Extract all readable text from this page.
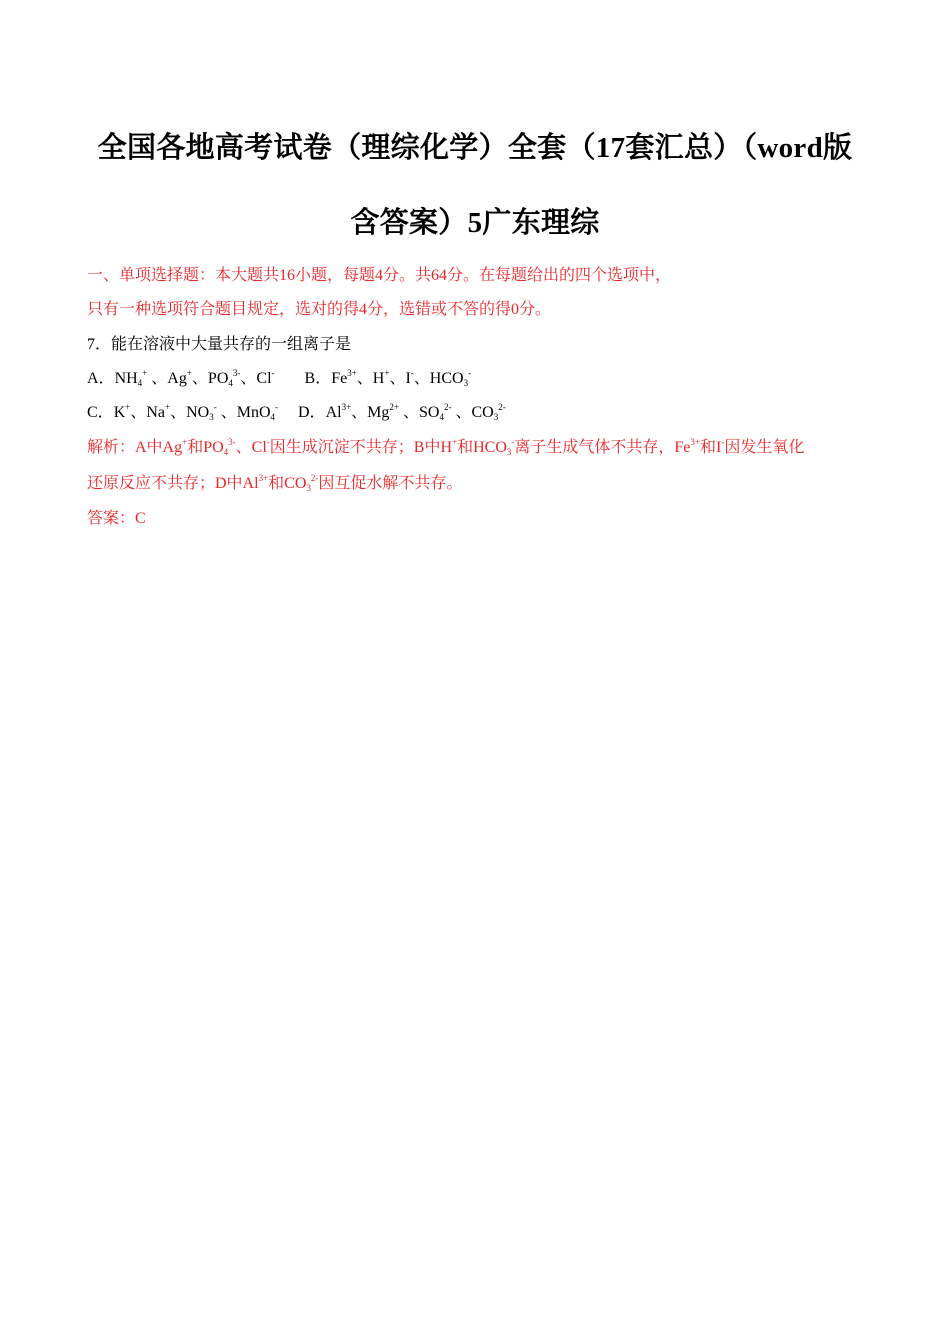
全国各地高考试卷（理综化学）全套（17套汇总）（word版
含答案）5广东理综
一、单项选择题：本大题共16小题，每题4分。共64分。在每题给出的四个选项中，
只有一种选项符合题目规定，选对的得4分，选错或不答的得0分。
7．能在溶液中大量共存的一组离子是
A．$NH_4^+$ 、Ag+、$PO_4^{3-}$、Cl- B．$Fe^{3+}$、H+、I-、$HCO_3^-$
C．K+、Na+、$NO_3^-$ 、MnO$_4$- D．$Al^{3+}$、$Mg^{2+}$ 、$SO_4^{2-}$ 、$CO_3^{2-}$
解析：A中Ag+和$PO_4^{3-}$、Cl-因生成沉淀不共存；B中H+和$HCO_3^-$离子生成气体不共存，$Fe^{3+}$和I-因发生氧化
还原反应不共存；D中$Al^{3+}$和$CO_3^{2-}$因互促水解不共存。
答案：C
